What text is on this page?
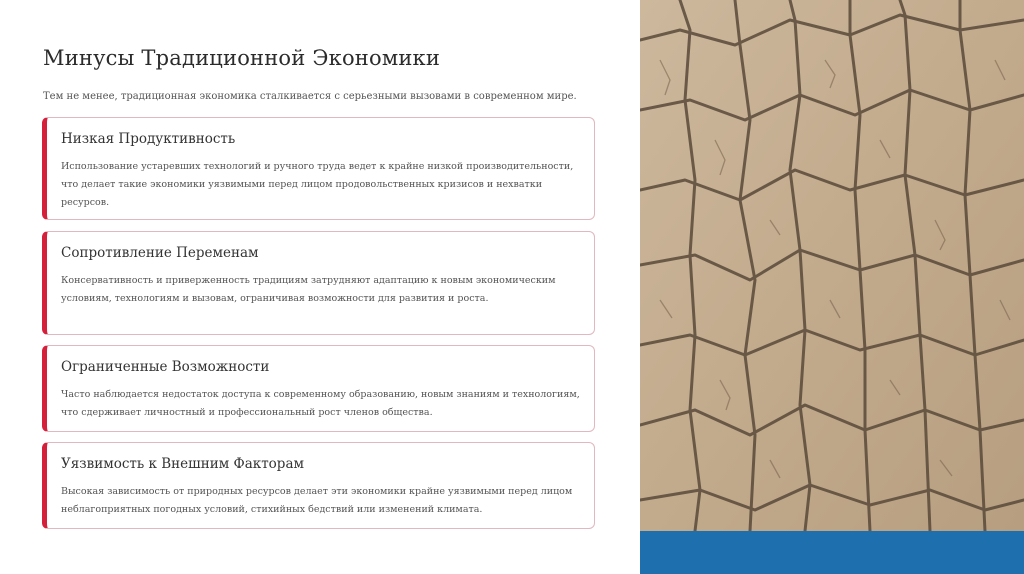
Минусы Традиционной Экономики
Тем не менее, традиционная экономика сталкивается с серьезными вызовами в современном мире.
Низкая Продуктивность
Использование устаревших технологий и ручного труда ведет к крайне низкой производительности, что делает такие экономики уязвимыми перед лицом продовольственных кризисов и нехватки ресурсов.
Сопротивление Переменам
Консервативность и приверженность традициям затрудняют адаптацию к новым экономическим условиям, технологиям и вызовам, ограничивая возможности для развития и роста.
Ограниченные Возможности
Часто наблюдается недостаток доступа к современному образованию, новым знаниям и технологиям, что сдерживает личностный и профессиональный рост членов общества.
Уязвимость к Внешним Факторам
Высокая зависимость от природных ресурсов делает эти экономики крайне уязвимыми перед лицом неблагоприятных погодных условий, стихийных бедствий или изменений климата.
